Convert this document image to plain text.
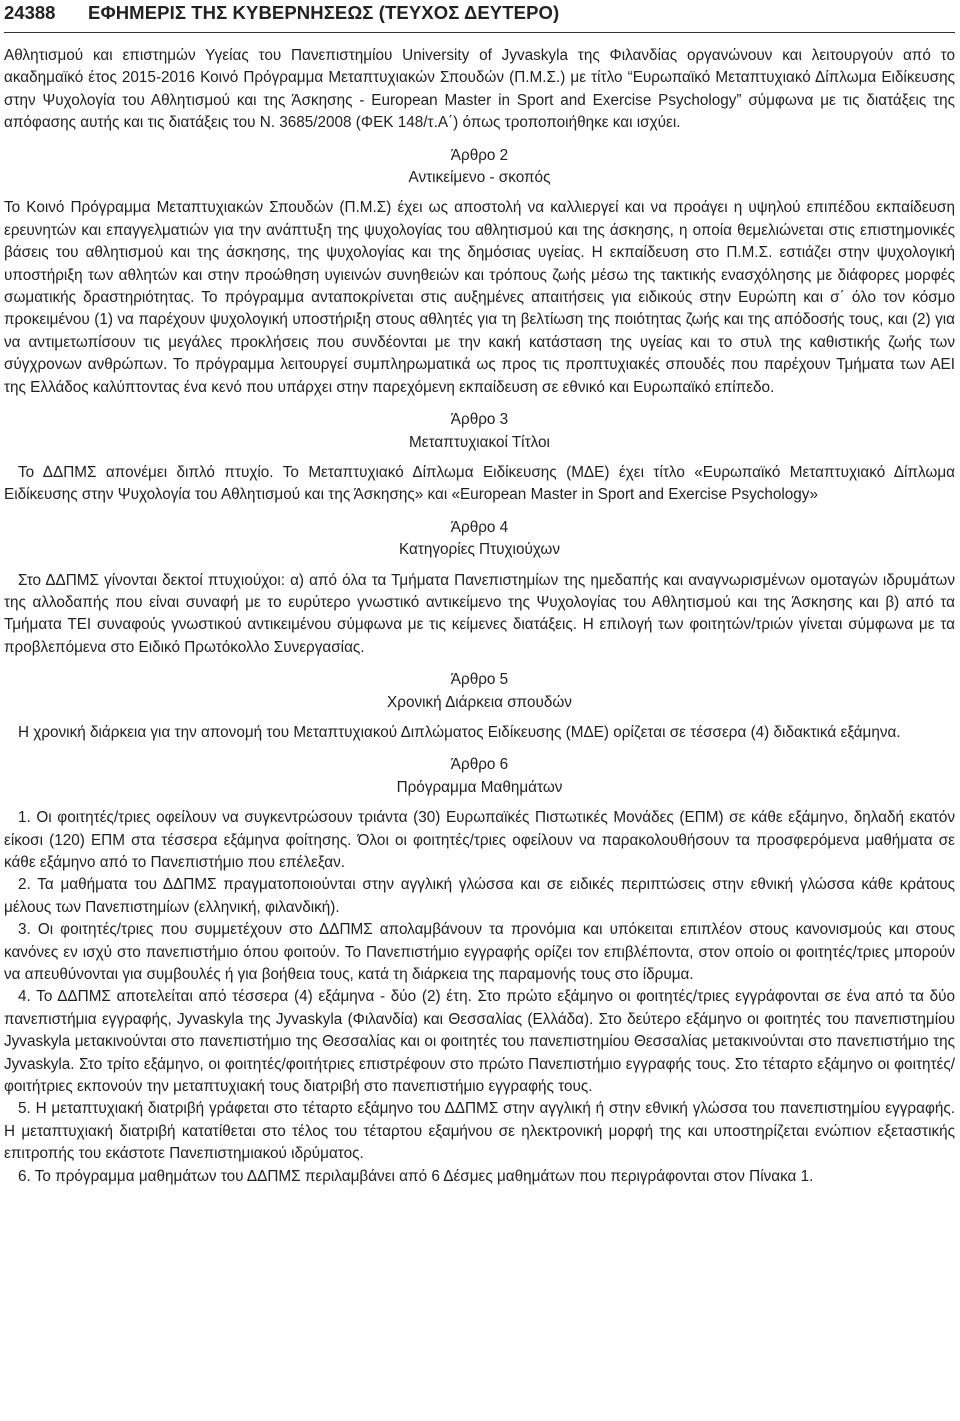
24388	ΕΦΗΜΕΡΙΣ ΤΗΣ ΚΥΒΕΡΝΗΣΕΩΣ (ΤΕΥΧΟΣ ΔΕΥΤΕΡΟ)

Αθλητισμού και επιστημών Υγείας του Πανεπιστημίου University of Jyvaskyla της Φιλανδίας οργανώνουν και λειτουργούν από το ακαδημαϊκό έτος 2015-2016 Κοινό Πρόγραμμα Μεταπτυχιακών Σπουδών (Π.Μ.Σ.) με τίτλο “Ευρωπαϊκό Μεταπτυχιακό Δίπλωμα Ειδίκευσης στην Ψυχολογία του Αθλητισμού και της Άσκησης - European Master in Sport and Exercise Psychology” σύμφωνα με τις διατάξεις της απόφασης αυτής και τις διατάξεις του Ν. 3685/2008 (ΦΕΚ 148/τ.Α΄) όπως τροποποιήθηκε και ισχύει.

Άρθρο 2

Αντικείμενο - σκοπός

Το Κοινό Πρόγραμμα Μεταπτυχιακών Σπουδών (Π.Μ.Σ) έχει ως αποστολή να καλλιεργεί και να προάγει η υψηλού επιπέδου εκπαίδευση ερευνητών και επαγγελματιών για την ανάπτυξη της ψυχολογίας του αθλητισμού και της άσκησης, η οποία θεμελιώνεται στις επιστημονικές βάσεις του αθλητισμού και της άσκησης, της ψυχολογίας και της δημόσιας υγείας. Η εκπαίδευση στο Π.Μ.Σ. εστιάζει στην ψυχολογική υποστήριξη των αθλητών και στην προώθηση υγιεινών συνηθειών και τρόπους ζωής μέσω της τακτικής ενασχόλησης με διάφορες μορφές σωματικής δραστηριότητας. Το πρόγραμμα ανταποκρίνεται στις αυξημένες απαιτήσεις για ειδικούς στην Ευρώπη και σ΄ όλο τον κόσμο προκειμένου (1) να παρέχουν ψυχολογική υποστήριξη στους αθλητές για τη βελτίωση της ποιότητας ζωής και της απόδοσής τους, και (2) για να αντιμετωπίσουν τις μεγάλες προκλήσεις που συνδέονται με την κακή κατάσταση της υγείας και το στυλ της καθιστικής ζωής των σύγχρονων ανθρώπων. Το πρόγραμμα λειτουργεί συμπληρωματικά ως προς τις προπτυχιακές σπουδές που παρέχουν Τμήματα των ΑΕΙ της Ελλάδος καλύπτοντας ένα κενό που υπάρχει στην παρεχόμενη εκπαίδευση σε εθνικό και Ευρωπαϊκό επίπεδο.

Άρθρο 3

Μεταπτυχιακοί Τίτλοι

Το ΔΔΠΜΣ απονέμει διπλό πτυχίο. Το Μεταπτυχιακό Δίπλωμα Ειδίκευσης (ΜΔΕ) έχει τίτλο «Ευρωπαϊκό Μεταπτυχιακό Δίπλωμα Ειδίκευσης στην Ψυχολογία του Αθλητισμού και της Άσκησης» και «European Master in Sport and Exercise Psychology»

Άρθρο 4

Κατηγορίες Πτυχιούχων

Στο ΔΔΠΜΣ γίνονται δεκτοί πτυχιούχοι: α) από όλα τα Τμήματα Πανεπιστημίων της ημεδαπής και αναγνωρισμένων ομοταγών ιδρυμάτων της αλλοδαπής που είναι συναφή με το ευρύτερο γνωστικό αντικείμενο της Ψυχολογίας του Αθλητισμού και της Άσκησης και β) από τα Τμήματα ΤΕΙ συναφούς γνωστικού αντικειμένου σύμφωνα με τις κείμενες διατάξεις. Η επιλογή των φοιτητών/τριών γίνεται σύμφωνα με τα προβλεπόμενα στο Ειδικό Πρωτόκολλο Συνεργασίας.

Άρθρο 5

Χρονική Διάρκεια σπουδών

Η χρονική διάρκεια για την απονομή του Μεταπτυχιακού Διπλώματος Ειδίκευσης (ΜΔΕ) ορίζεται σε τέσσερα (4) διδακτικά εξάμηνα.

Άρθρο 6

Πρόγραμμα Μαθημάτων

1. Οι φοιτητές/τριες οφείλουν να συγκεντρώσουν τριάντα (30) Ευρωπαϊκές Πιστωτικές Μονάδες (ΕΠΜ) σε κάθε εξάμηνο, δηλαδή εκατόν είκοσι (120) ΕΠΜ στα τέσσερα εξάμηνα φοίτησης. Όλοι οι φοιτητές/τριες οφείλουν να παρακολουθήσουν τα προσφερόμενα μαθήματα σε κάθε εξάμηνο από το Πανεπιστήμιο που επέλεξαν.

2. Τα μαθήματα του ΔΔΠΜΣ πραγματοποιούνται στην αγγλική γλώσσα και σε ειδικές περιπτώσεις στην εθνική γλώσσα κάθε κράτους μέλους των Πανεπιστημίων (ελληνική, φιλανδική).

3. Οι φοιτητές/τριες που συμμετέχουν στο ΔΔΠΜΣ απολαμβάνουν τα προνόμια και υπόκειται επιπλέον στους κανονισμούς και στους κανόνες εν ισχύ στο πανεπιστήμιο όπου φοιτούν. Το Πανεπιστήμιο εγγραφής ορίζει τον επιβλέποντα, στον οποίο οι φοιτητές/τριες μπορούν να απευθύνονται για συμβουλές ή για βοήθεια τους, κατά τη διάρκεια της παραμονής τους στο ίδρυμα.

4. Το ΔΔΠΜΣ αποτελείται από τέσσερα (4) εξάμηνα - δύο (2) έτη. Στο πρώτο εξάμηνο οι φοιτητές/τριες εγγράφονται σε ένα από τα δύο πανεπιστήμια εγγραφής, Jyvaskyla της Jyvaskyla (Φιλανδία) και Θεσσαλίας (Ελλάδα). Στο δεύτερο εξάμηνο οι φοιτητές του πανεπιστημίου Jyvaskyla μετακινούνται στο πανεπιστήμιο της Θεσσαλίας και οι φοιτητές του πανεπιστημίου Θεσσαλίας μετακινούνται στο πανεπιστήμιο της Jyvaskyla. Στο τρίτο εξάμηνο, οι φοιτητές/φοιτήτριες επιστρέφουν στο πρώτο Πανεπιστήμιο εγγραφής τους. Στο τέταρτο εξάμηνο οι φοιτητές/ φοιτήτριες εκπονούν την μεταπτυχιακή τους διατριβή στο πανεπιστήμιο εγγραφής τους.

5. Η μεταπτυχιακή διατριβή γράφεται στο τέταρτο εξάμηνο του ΔΔΠΜΣ στην αγγλική ή στην εθνική γλώσσα του πανεπιστημίου εγγραφής. Η μεταπτυχιακή διατριβή κατατίθεται στο τέλος του τέταρτου εξαμήνου σε ηλεκτρονική μορφή της και υποστηρίζεται ενώπιον εξεταστικής επιτροπής του εκάστοτε Πανεπιστημιακού ιδρύματος.

6. Το πρόγραμμα μαθημάτων του ΔΔΠΜΣ περιλαμβάνει από 6 Δέσμες μαθημάτων που περιγράφονται στον Πίνακα 1.
